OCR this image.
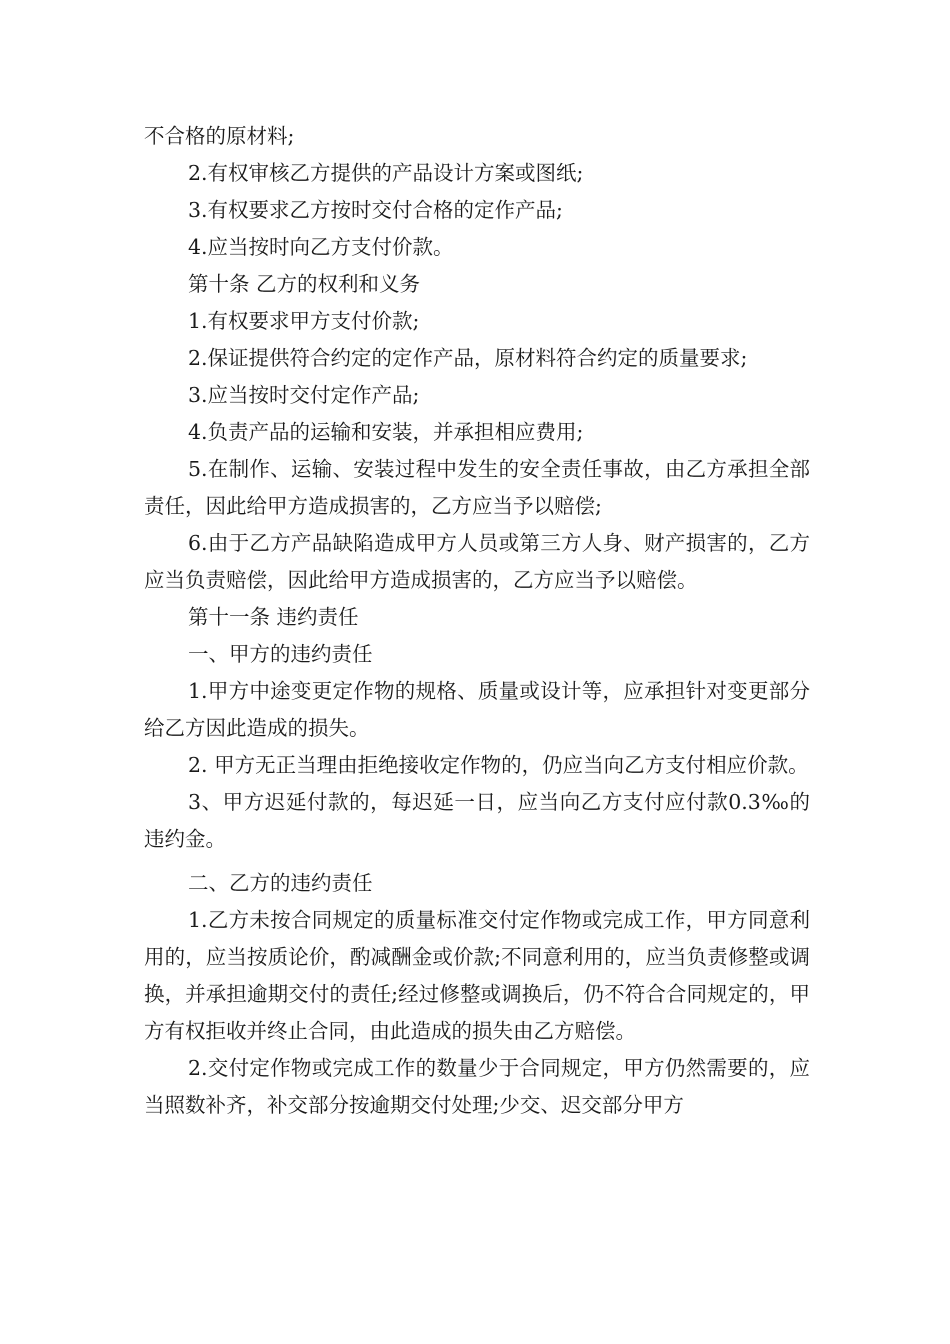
不合格的原材料;

2.有权审核乙方提供的产品设计方案或图纸;

3.有权要求乙方按时交付合格的定作产品;

4.应当按时向乙方支付价款。

第十条 乙方的权利和义务

1.有权要求甲方支付价款;

2.保证提供符合约定的定作产品，原材料符合约定的质量要求;

3.应当按时交付定作产品;

4.负责产品的运输和安装，并承担相应费用;

5.在制作、运输、安装过程中发生的安全责任事故，由乙方承担全部责任，因此给甲方造成损害的，乙方应当予以赔偿;

6.由于乙方产品缺陷造成甲方人员或第三方人身、财产损害的，乙方应当负责赔偿，因此给甲方造成损害的，乙方应当予以赔偿。

第十一条 违约责任

一、甲方的违约责任

1.甲方中途变更定作物的规格、质量或设计等，应承担针对变更部分给乙方因此造成的损失。

2. 甲方无正当理由拒绝接收定作物的，仍应当向乙方支付相应价款。

3、甲方迟延付款的，每迟延一日，应当向乙方支付应付款0.3‰的违约金。

二、乙方的违约责任

1.乙方未按合同规定的质量标准交付定作物或完成工作，甲方同意利用的，应当按质论价，酌减酬金或价款;不同意利用的，应当负责修整或调换，并承担逾期交付的责任;经过修整或调换后，仍不符合合同规定的，甲方有权拒收并终止合同，由此造成的损失由乙方赔偿。

2.交付定作物或完成工作的数量少于合同规定，甲方仍然需要的，应当照数补齐，补交部分按逾期交付处理;少交、迟交部分甲方
